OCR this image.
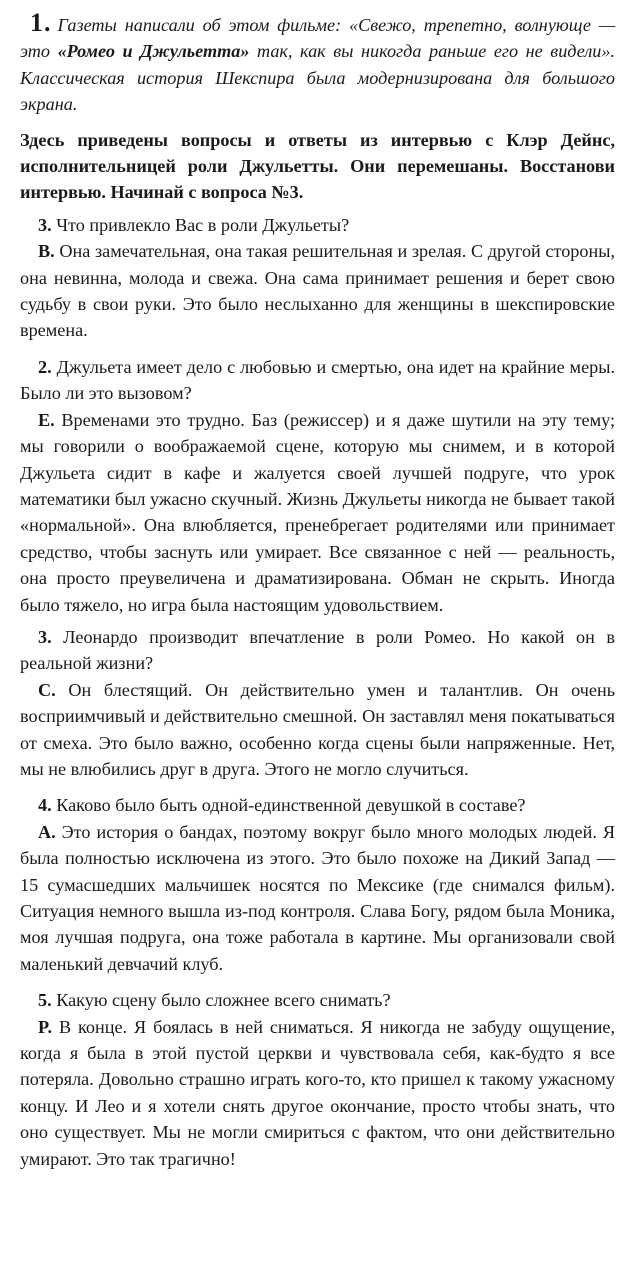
1. Газеты написали об этом фильме: «Свежо, трепетно, волнующе — это «Ромео и Джульетта» так, как вы никогда раньше его не видели». Классическая история Шекспира была модернизирована для большого экрана.

Здесь приведены вопросы и ответы из интервью с Клэр Дейнс, исполнительницей роли Джульетты. Они перемешаны. Восстанови интервью. Начинай с вопроса №3.

3. Что привлекло Вас в роли Джульеты?

B. Она замечательная, она такая решительная и зрелая. С другой стороны, она невинна, молода и свежа. Она сама принимает решения и берет свою судьбу в свои руки. Это было неслыханно для женщины в шекспировские времена.

2. Джульета имеет дело с любовью и смертью, она идет на крайние меры. Было ли это вызовом?

E. Временами это трудно. Баз (режиссер) и я даже шутили на эту тему; мы говорили о воображаемой сцене, которую мы снимем, и в которой Джульета сидит в кафе и жалуется своей лучшей подруге, что урок математики был ужасно скучный. Жизнь Джульеты никогда не бывает такой «нормальной». Она влюбляется, пренебрегает родителями или принимает средство, чтобы заснуть или умирает. Все связанное с ней — реальность, она просто преувеличена и драматизирована. Обман не скрыть. Иногда было тяжело, но игра была настоящим удовольствием.

3. Леонардо производит впечатление в роли Ромео. Но какой он в реальной жизни?

C. Он блестящий. Он действительно умен и талантлив. Он очень восприимчивый и действительно смешной. Он заставлял меня покатываться от смеха. Это было важно, особенно когда сцены были напряженные. Нет, мы не влюбились друг в друга. Этого не могло случиться.

4. Каково было быть одной-единственной девушкой в составе?

A. Это история о бандах, поэтому вокруг было много молодых людей. Я была полностью исключена из этого. Это было похоже на Дикий Запад — 15 сумасшедших мальчишек носятся по Мексике (где снимался фильм). Ситуация немного вышла из-под контроля. Слава Богу, рядом была Моника, моя лучшая подруга, она тоже работала в картине. Мы организовали свой маленький девчачий клуб.

5. Какую сцену было сложнее всего снимать?

P. В конце. Я боялась в ней сниматься. Я никогда не забуду ощущение, когда я была в этой пустой церкви и чувствовала себя, как-будто я все потеряла. Довольно страшно играть кого-то, кто пришел к такому ужасному концу. И Лео и я хотели снять другое окончание, просто чтобы знать, что оно существует. Мы не могли смириться с фактом, что они действительно умирают. Это так трагично!
